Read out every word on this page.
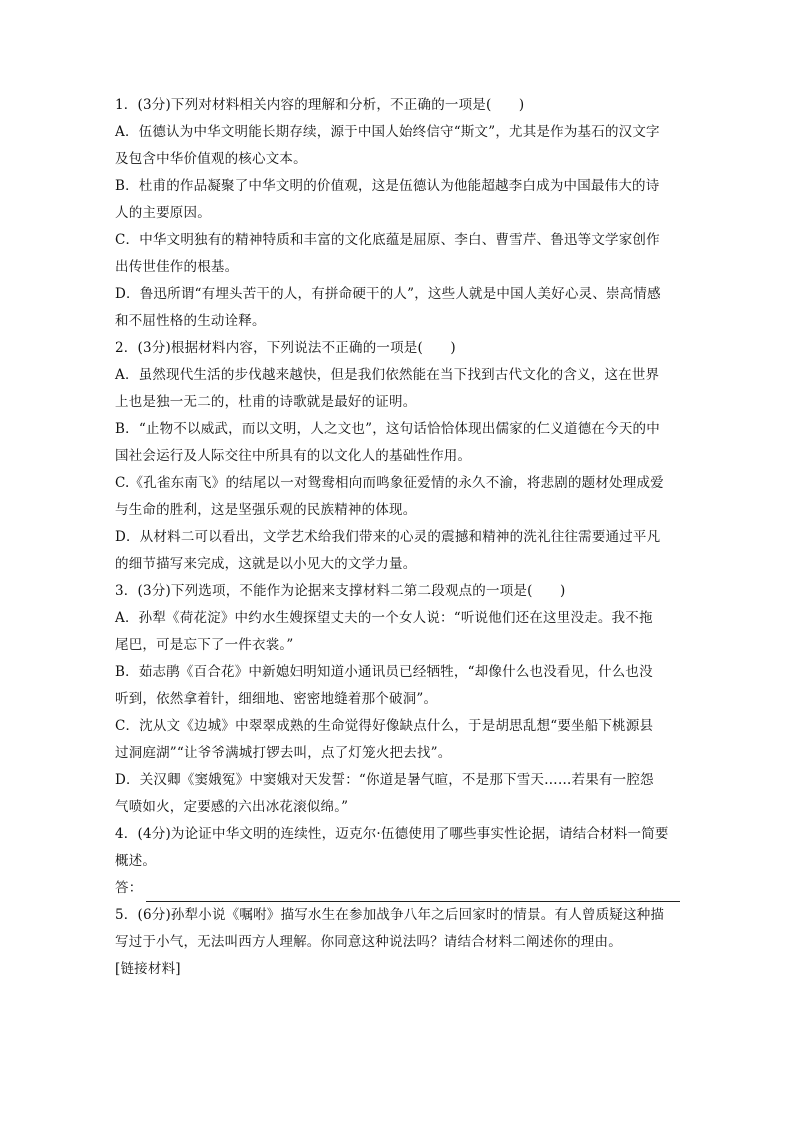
1．(3分)下列对材料相关内容的理解和分析，不正确的一项是(　　)
A．伍德认为中华文明能长期存续，源于中国人始终信守“斯文”，尤其是作为基石的汉文字
及包含中华价值观的核心文本。
B．杜甫的作品凝聚了中华文明的价值观，这是伍德认为他能超越李白成为中国最伟大的诗
人的主要原因。
C．中华文明独有的精神特质和丰富的文化底蕴是屈原、李白、曹雪芹、鲁迅等文学家创作
出传世佳作的根基。
D．鲁迅所谓“有埋头苦干的人，有拼命硬干的人”，这些人就是中国人美好心灵、崇高情感
和不屈性格的生动诠释。
2．(3分)根据材料内容，下列说法不正确的一项是(　　)
A．虽然现代生活的步伐越来越快，但是我们依然能在当下找到古代文化的含义，这在世界
上也是独一无二的，杜甫的诗歌就是最好的证明。
B．“止物不以威武，而以文明，人之文也”，这句话恰恰体现出儒家的仁义道德在今天的中
国社会运行及人际交往中所具有的以文化人的基础性作用。
C.《孔雀东南飞》的结尾以一对鸳鸯相向而鸣象征爱情的永久不渝，将悲剧的题材处理成爱
与生命的胜利，这是坚强乐观的民族精神的体现。
D．从材料二可以看出，文学艺术给我们带来的心灵的震撼和精神的洗礼往往需要通过平凡
的细节描写来完成，这就是以小见大的文学力量。
3．(3分)下列选项，不能作为论据来支撑材料二第二段观点的一项是(　　)
A．孙犁《荷花淀》中约水生嫂探望丈夫的一个女人说：“听说他们还在这里没走。我不拖
尾巴，可是忘下了一件衣裳。”
B．茹志鹃《百合花》中新媳妇明知道小通讯员已经牺牲，“却像什么也没看见，什么也没
听到，依然拿着针，细细地、密密地缝着那个破洞”。
C．沈从文《边城》中翠翠成熟的生命觉得好像缺点什么，于是胡思乱想“要坐船下桃源县
过洞庭湖”“让爷爷满城打锣去叫，点了灯笼火把去找”。
D．关汉卿《窦娥冤》中窦娥对天发誓：“你道是暑气暄，不是那下雪天……若果有一腔怨
气喷如火，定要感的六出冰花滚似绵。”
4．(4分)为论证中华文明的连续性，迈克尔·伍德使用了哪些事实性论据，请结合材料一简要
概述。
答：
5．(6分)孙犁小说《嘱咐》描写水生在参加战争八年之后回家时的情景。有人曾质疑这种描
写过于小气，无法叫西方人理解。你同意这种说法吗？请结合材料二阐述你的理由。
[链接材料]
